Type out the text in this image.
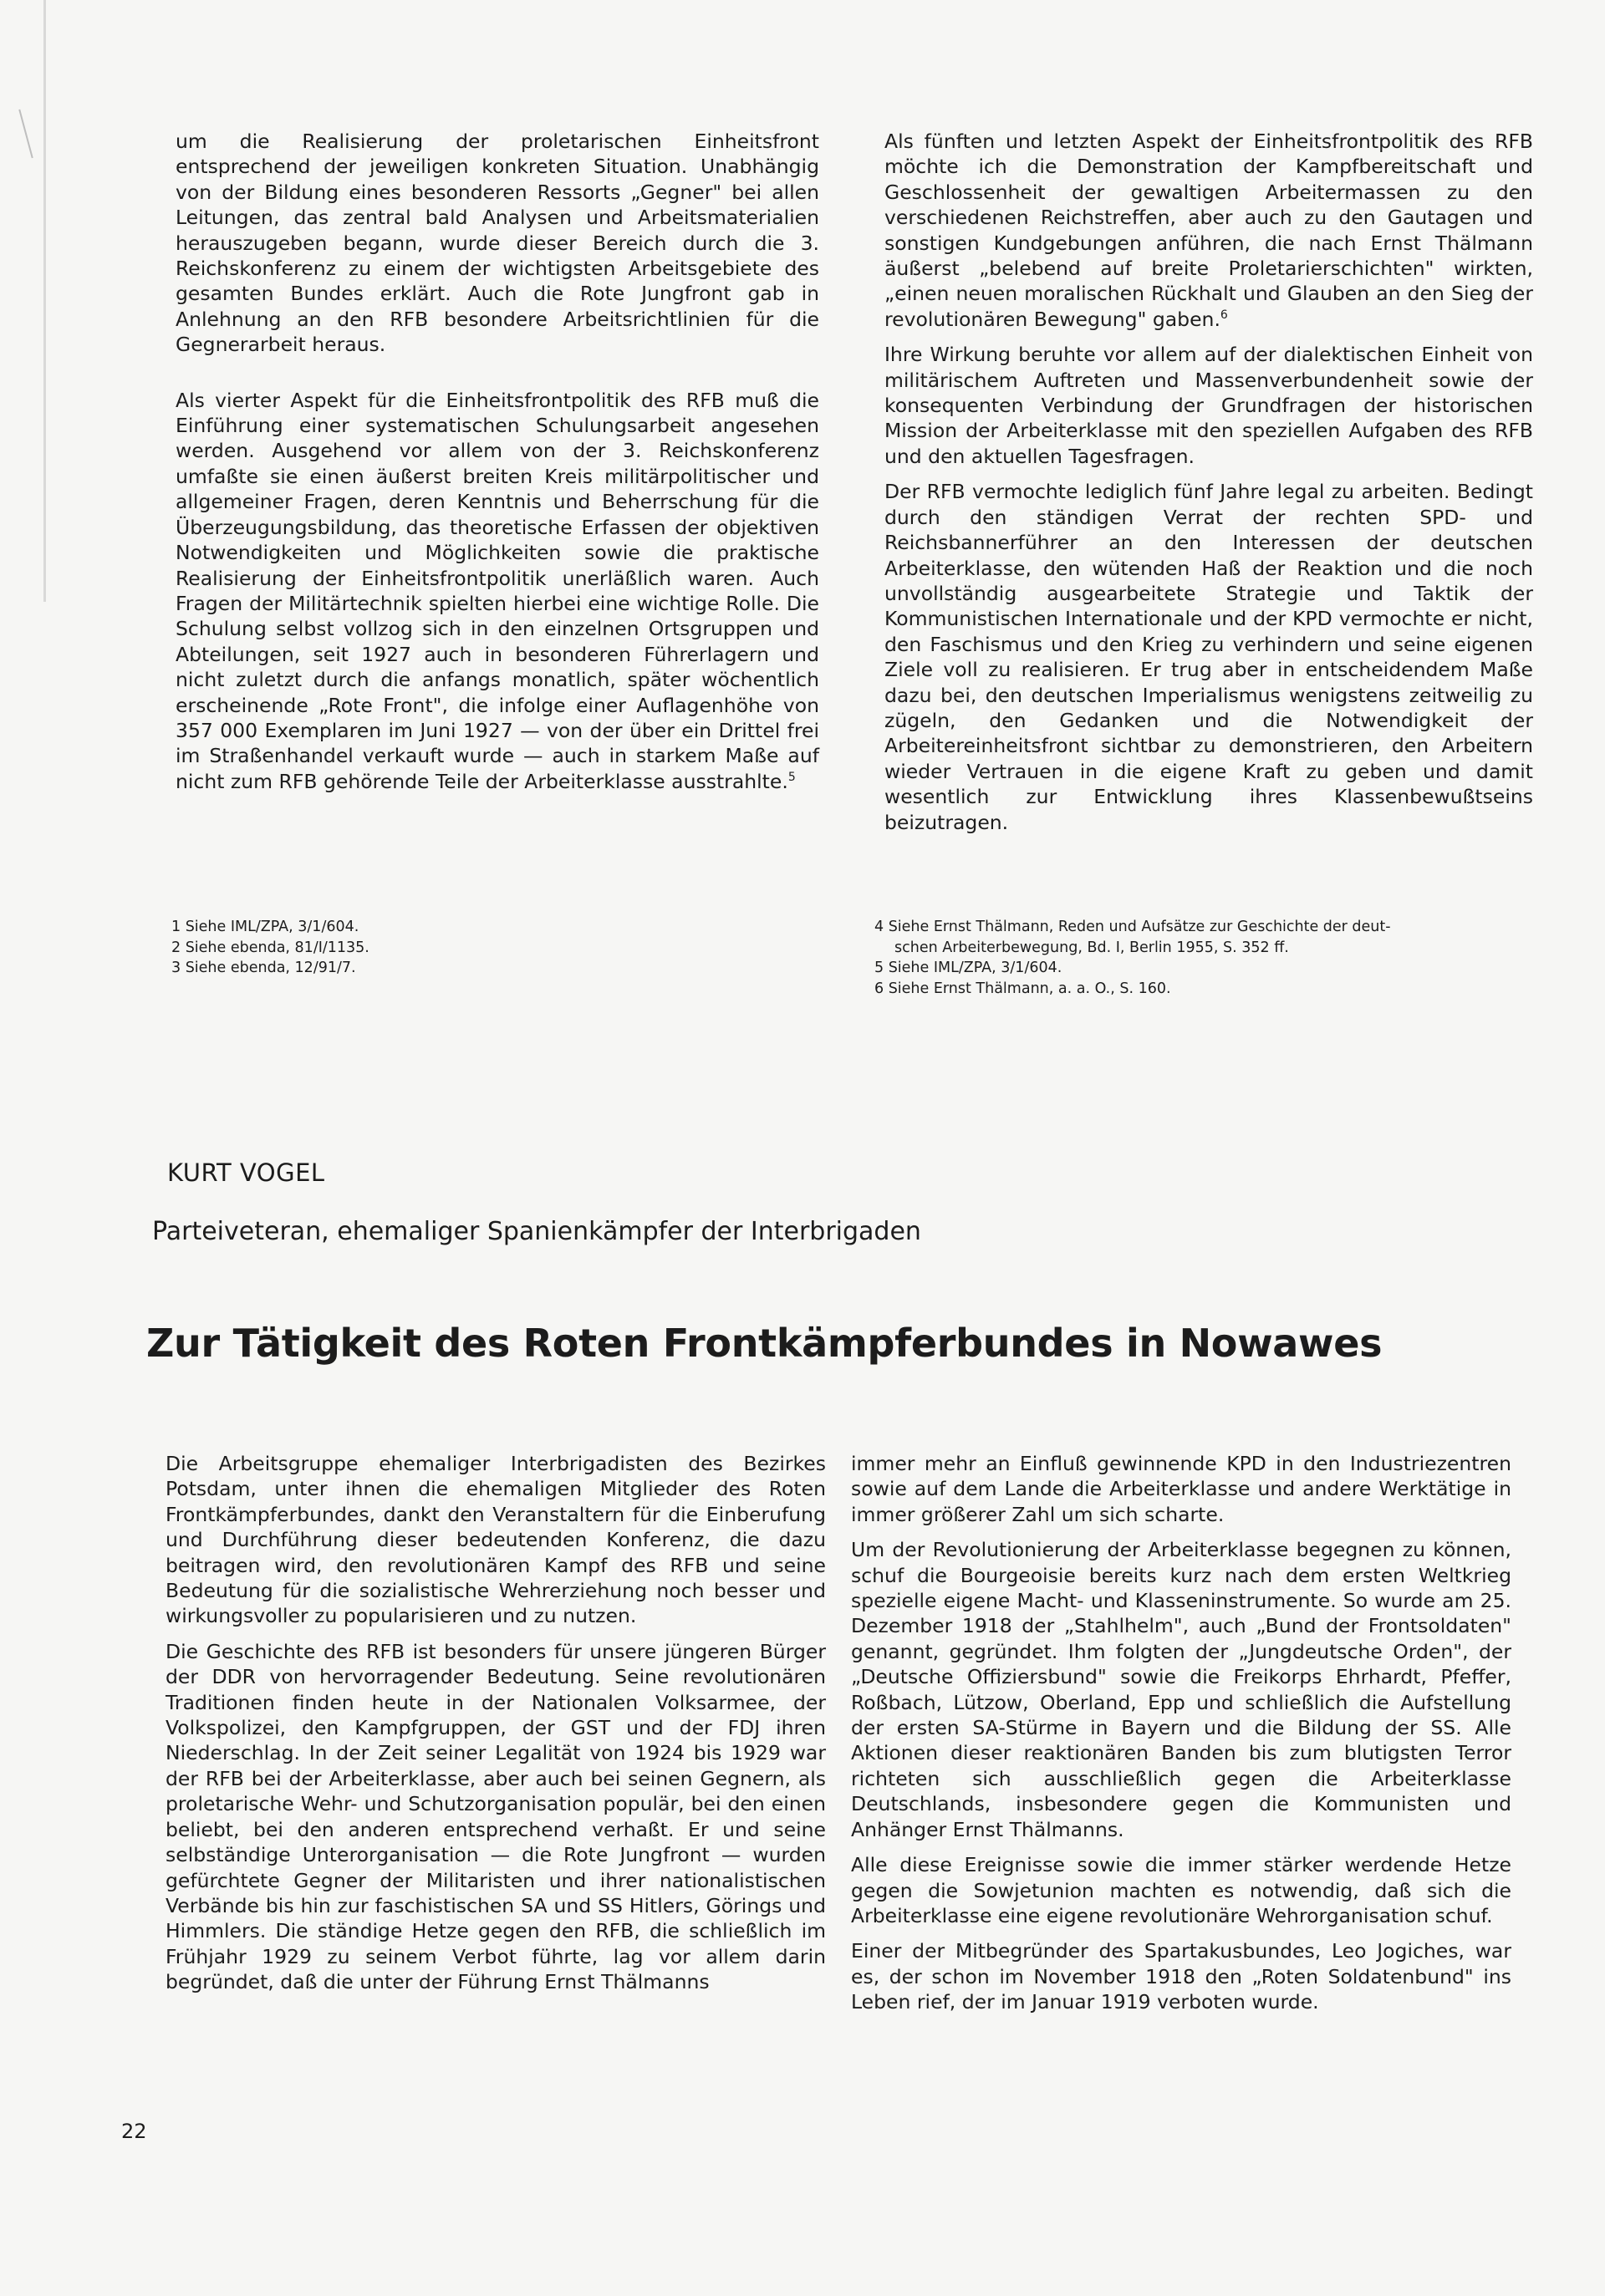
um die Realisierung der proletarischen Einheitsfront entsprechend der jeweiligen konkreten Situation. Unabhängig von der Bildung eines besonderen Ressorts „Gegner" bei allen Leitungen, das zentral bald Analysen und Arbeitsmaterialien herauszugeben begann, wurde dieser Bereich durch die 3. Reichskonferenz zu einem der wichtigsten Arbeitsgebiete des gesamten Bundes erklärt. Auch die Rote Jungfront gab in Anlehnung an den RFB besondere Arbeitsrichtlinien für die Gegnerarbeit heraus.

Als vierter Aspekt für die Einheitsfrontpolitik des RFB muß die Einführung einer systematischen Schulungsarbeit angesehen werden. Ausgehend vor allem von der 3. Reichskonferenz umfaßte sie einen äußerst breiten Kreis militärpolitischer und allgemeiner Fragen, deren Kenntnis und Beherrschung für die Überzeugungsbildung, das theoretische Erfassen der objektiven Notwendigkeiten und Möglichkeiten sowie die praktische Realisierung der Einheitsfrontpolitik unerläßlich waren. Auch Fragen der Militärtechnik spielten hierbei eine wichtige Rolle. Die Schulung selbst vollzog sich in den einzelnen Ortsgruppen und Abteilungen, seit 1927 auch in besonderen Führerlagern und nicht zuletzt durch die anfangs monatlich, später wöchentlich erscheinende „Rote Front", die infolge einer Auflagenhöhe von 357 000 Exemplaren im Juni 1927 — von der über ein Drittel frei im Straßenhandel verkauft wurde — auch in starkem Maße auf nicht zum RFB gehörende Teile der Arbeiterklasse ausstrahlte.$^5$

Als fünften und letzten Aspekt der Einheitsfrontpolitik des RFB möchte ich die Demonstration der Kampfbereitschaft und Geschlossenheit der gewaltigen Arbeitermassen zu den verschiedenen Reichstreffen, aber auch zu den Gautagen und sonstigen Kundgebungen anführen, die nach Ernst Thälmann äußerst „belebend auf breite Proletarierschichten" wirkten, „einen neuen moralischen Rückhalt und Glauben an den Sieg der revolutionären Bewegung" gaben.$^6$

Ihre Wirkung beruhte vor allem auf der dialektischen Einheit von militärischem Auftreten und Massenverbundenheit sowie der konsequenten Verbindung der Grundfragen der historischen Mission der Arbeiterklasse mit den speziellen Aufgaben des RFB und den aktuellen Tagesfragen.

Der RFB vermochte lediglich fünf Jahre legal zu arbeiten. Bedingt durch den ständigen Verrat der rechten SPD- und Reichsbannerführer an den Interessen der deutschen Arbeiterklasse, den wütenden Haß der Reaktion und die noch unvollständig ausgearbeitete Strategie und Taktik der Kommunistischen Internationale und der KPD vermochte er nicht, den Faschismus und den Krieg zu verhindern und seine eigenen Ziele voll zu realisieren. Er trug aber in entscheidendem Maße dazu bei, den deutschen Imperialismus wenigstens zeitweilig zu zügeln, den Gedanken und die Notwendigkeit der Arbeitereinheitsfront sichtbar zu demonstrieren, den Arbeitern wieder Vertrauen in die eigene Kraft zu geben und damit wesentlich zur Entwicklung ihres Klassenbewußtseins beizutragen.

1 Siehe IML/ZPA, 3/1/604.
2 Siehe ebenda, 81/I/1135.
3 Siehe ebenda, 12/91/7.
4 Siehe Ernst Thälmann, Reden und Aufsätze zur Geschichte der deut-
schen Arbeiterbewegung, Bd. I, Berlin 1955, S. 352 ff.
5 Siehe IML/ZPA, 3/1/604.
6 Siehe Ernst Thälmann, a. a. O., S. 160.
KURT VOGEL
Parteiveteran, ehemaliger Spanienkämpfer der Interbrigaden
Zur Tätigkeit des Roten Frontkämpferbundes in Nowawes

Die Arbeitsgruppe ehemaliger Interbrigadisten des Bezirkes Potsdam, unter ihnen die ehemaligen Mitglieder des Roten Frontkämpferbundes, dankt den Veranstaltern für die Einberufung und Durchführung dieser bedeutenden Konferenz, die dazu beitragen wird, den revolutionären Kampf des RFB und seine Bedeutung für die sozialistische Wehrerziehung noch besser und wirkungsvoller zu popularisieren und zu nutzen.

Die Geschichte des RFB ist besonders für unsere jüngeren Bürger der DDR von hervorragender Bedeutung. Seine revolutionären Traditionen finden heute in der Nationalen Volksarmee, der Volkspolizei, den Kampfgruppen, der GST und der FDJ ihren Niederschlag. In der Zeit seiner Legalität von 1924 bis 1929 war der RFB bei der Arbeiterklasse, aber auch bei seinen Gegnern, als proletarische Wehr- und Schutzorganisation populär, bei den einen beliebt, bei den anderen entsprechend verhaßt. Er und seine selbständige Unterorganisation — die Rote Jungfront — wurden gefürchtete Gegner der Militaristen und ihrer nationalistischen Verbände bis hin zur faschistischen SA und SS Hitlers, Görings und Himmlers. Die ständige Hetze gegen den RFB, die schließlich im Frühjahr 1929 zu seinem Verbot führte, lag vor allem darin begründet, daß die unter der Führung Ernst Thälmanns

immer mehr an Einfluß gewinnende KPD in den Industriezentren sowie auf dem Lande die Arbeiterklasse und andere Werktätige in immer größerer Zahl um sich scharte.

Um der Revolutionierung der Arbeiterklasse begegnen zu können, schuf die Bourgeoisie bereits kurz nach dem ersten Weltkrieg spezielle eigene Macht- und Klasseninstrumente. So wurde am 25. Dezember 1918 der „Stahlhelm", auch „Bund der Frontsoldaten" genannt, gegründet. Ihm folgten der „Jungdeutsche Orden", der „Deutsche Offiziersbund" sowie die Freikorps Ehrhardt, Pfeffer, Roßbach, Lützow, Oberland, Epp und schließlich die Aufstellung der ersten SA-Stürme in Bayern und die Bildung der SS. Alle Aktionen dieser reaktionären Banden bis zum blutigsten Terror richteten sich ausschließlich gegen die Arbeiterklasse Deutschlands, insbesondere gegen die Kommunisten und Anhänger Ernst Thälmanns.

Alle diese Ereignisse sowie die immer stärker werdende Hetze gegen die Sowjetunion machten es notwendig, daß sich die Arbeiterklasse eine eigene revolutionäre Wehrorganisation schuf.

Einer der Mitbegründer des Spartakusbundes, Leo Jogiches, war es, der schon im November 1918 den „Roten Soldatenbund" ins Leben rief, der im Januar 1919 verboten wurde.

22
